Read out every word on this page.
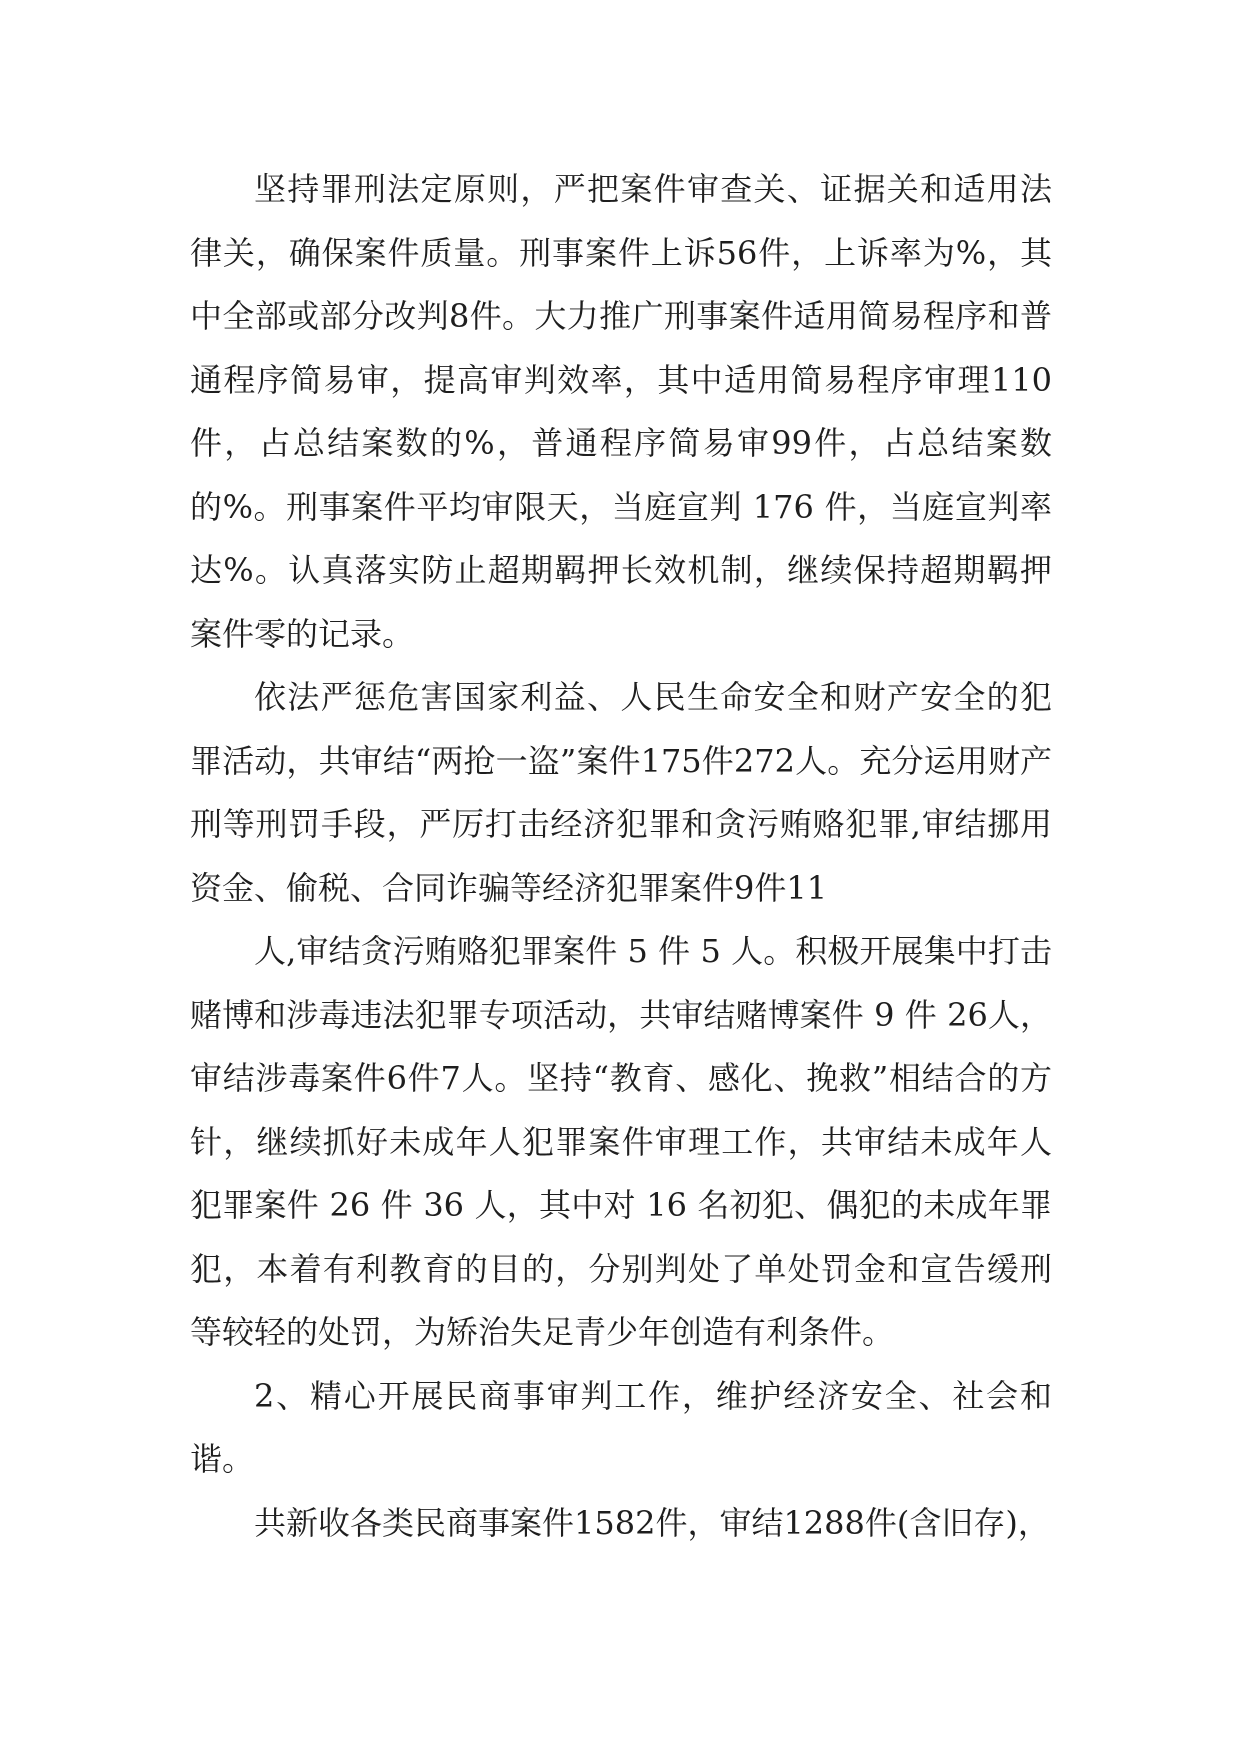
坚持罪刑法定原则，严把案件审查关、证据关和适用法律关，确保案件质量。刑事案件上诉56件，上诉率为%，其中全部或部分改判8件。大力推广刑事案件适用简易程序和普通程序简易审，提高审判效率，其中适用简易程序审理110件，占总结案数的%，普通程序简易审99件，占总结案数的%。刑事案件平均审限天，当庭宣判 176 件，当庭宣判率达%。认真落实防止超期羁押长效机制，继续保持超期羁押案件零的记录。

依法严惩危害国家利益、人民生命安全和财产安全的犯罪活动，共审结“两抢一盗”案件175件272人。充分运用财产刑等刑罚手段，严厉打击经济犯罪和贪污贿赂犯罪,审结挪用资金、偷税、合同诈骗等经济犯罪案件9件11

人,审结贪污贿赂犯罪案件 5 件 5 人。积极开展集中打击赌博和涉毒违法犯罪专项活动，共审结赌博案件 9 件 26人，审结涉毒案件6件7人。坚持“教育、感化、挽救”相结合的方针，继续抓好未成年人犯罪案件审理工作，共审结未成年人犯罪案件 26 件 36 人，其中对 16 名初犯、偶犯的未成年罪犯，本着有利教育的目的，分别判处了单处罚金和宣告缓刑等较轻的处罚，为矫治失足青少年创造有利条件。

2、精心开展民商事审判工作，维护经济安全、社会和谐。

共新收各类民商事案件1582件，审结1288件(含旧存)，
